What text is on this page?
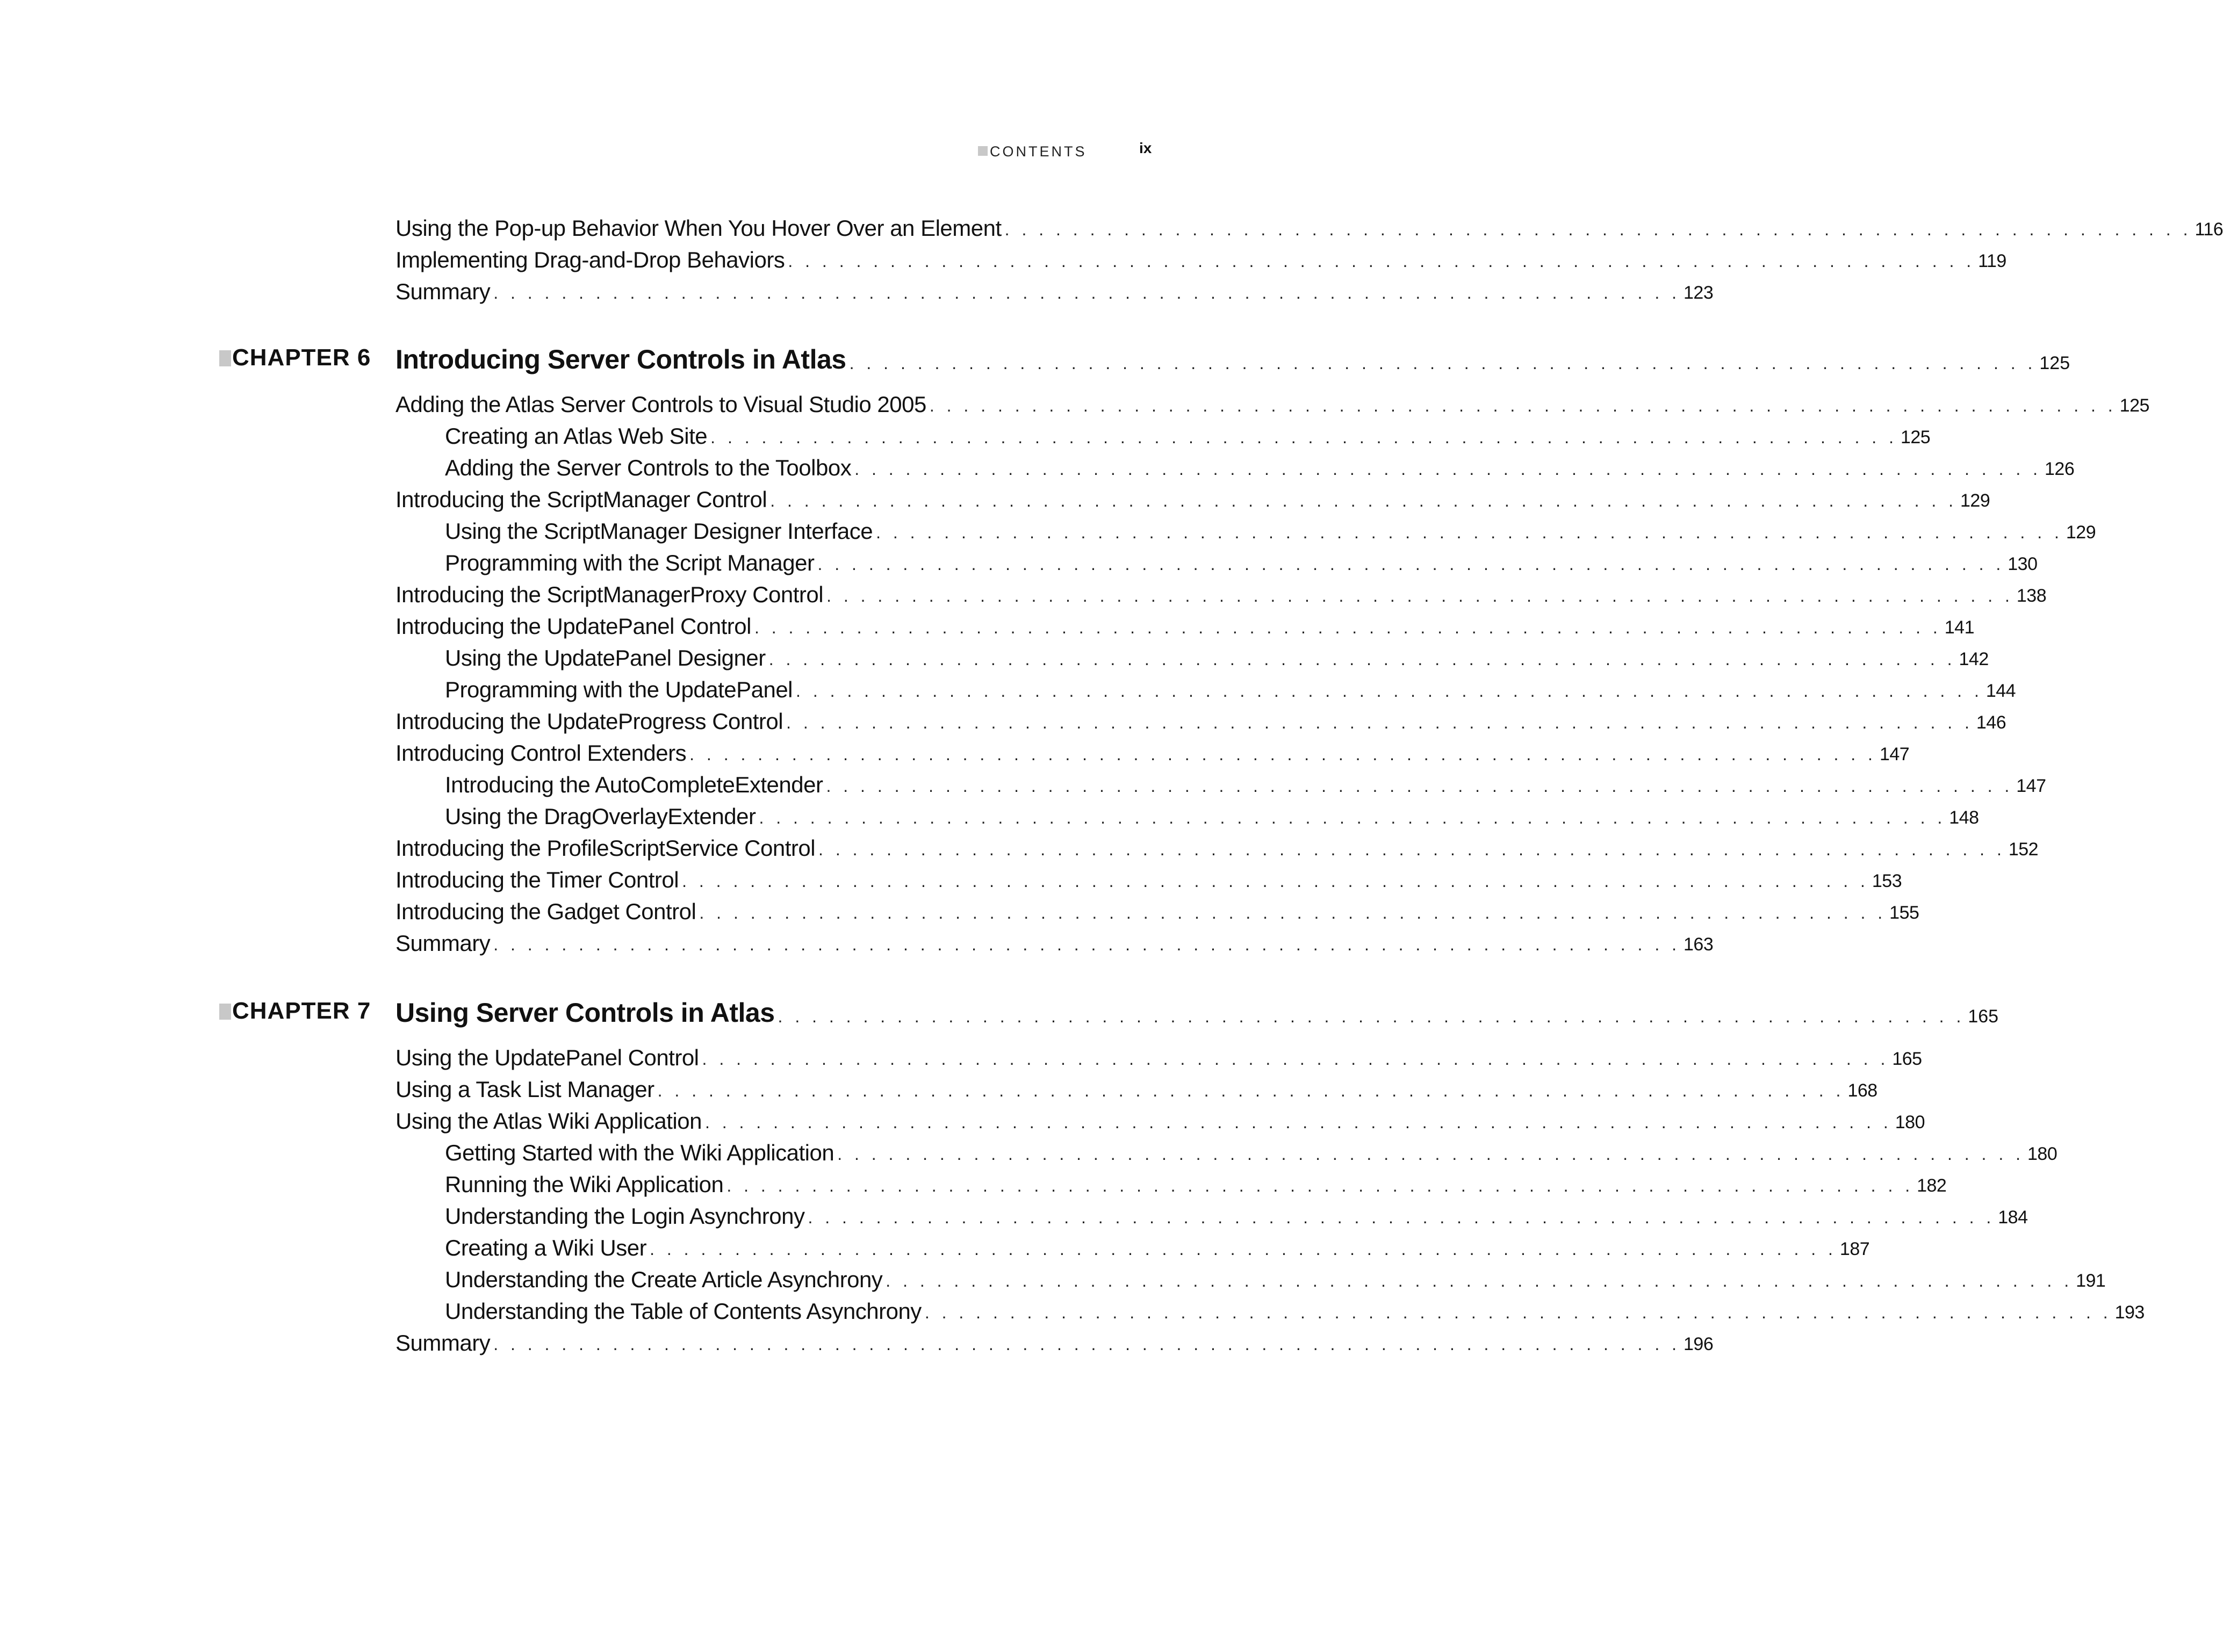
CONTENTS	ix
Using the Pop-up Behavior When You Hover Over an Element . . . . . . . . . . . . . . . . . . . . . . . . . . . . . . . . . . . . . . . . . . . . . . . . . . . . . . . . . . . . . . . . . . . . . . 116
Implementing Drag-and-Drop Behaviors . . . . . . . . . . . . . . . . . . . . . . . . . . . . . . . . . . . . . . . . . . . . . . . . . . . . . . . . . . . . . . . . . . . . . . 119
Summary . . . . . . . . . . . . . . . . . . . . . . . . . . . . . . . . . . . . . . . . . . . . . . . . . . . . . . . . . . . . . . . . . . . . . . 123
CHAPTER 6 Introducing Server Controls in Atlas . . . . . . . . . . . . . . . . . . . . . . . . . . . . . . . . . . . . . . . . . . . . . . . . . . . . . . . . . . . . . . . . . . . . . . 125
Adding the Atlas Server Controls to Visual Studio 2005 . . . . . . . . . . . . . . . . . . . . . . . . . . . . . . . . . . . . . . . . . . . . . . . . . . . . . . . . . . . . . . . . . . . . . . 125
Creating an Atlas Web Site . . . . . . . . . . . . . . . . . . . . . . . . . . . . . . . . . . . . . . . . . . . . . . . . . . . . . . . . . . . . . . . . . . . . . . 125
Adding the Server Controls to the Toolbox . . . . . . . . . . . . . . . . . . . . . . . . . . . . . . . . . . . . . . . . . . . . . . . . . . . . . . . . . . . . . . . . . . . . . . 126
Introducing the ScriptManager Control . . . . . . . . . . . . . . . . . . . . . . . . . . . . . . . . . . . . . . . . . . . . . . . . . . . . . . . . . . . . . . . . . . . . . . 129
Using the ScriptManager Designer Interface . . . . . . . . . . . . . . . . . . . . . . . . . . . . . . . . . . . . . . . . . . . . . . . . . . . . . . . . . . . . . . . . . . . . . . 129
Programming with the Script Manager . . . . . . . . . . . . . . . . . . . . . . . . . . . . . . . . . . . . . . . . . . . . . . . . . . . . . . . . . . . . . . . . . . . . . . 130
Introducing the ScriptManagerProxy Control . . . . . . . . . . . . . . . . . . . . . . . . . . . . . . . . . . . . . . . . . . . . . . . . . . . . . . . . . . . . . . . . . . . . . . 138
Introducing the UpdatePanel Control . . . . . . . . . . . . . . . . . . . . . . . . . . . . . . . . . . . . . . . . . . . . . . . . . . . . . . . . . . . . . . . . . . . . . . 141
Using the UpdatePanel Designer . . . . . . . . . . . . . . . . . . . . . . . . . . . . . . . . . . . . . . . . . . . . . . . . . . . . . . . . . . . . . . . . . . . . . . 142
Programming with the UpdatePanel . . . . . . . . . . . . . . . . . . . . . . . . . . . . . . . . . . . . . . . . . . . . . . . . . . . . . . . . . . . . . . . . . . . . . . 144
Introducing the UpdateProgress Control . . . . . . . . . . . . . . . . . . . . . . . . . . . . . . . . . . . . . . . . . . . . . . . . . . . . . . . . . . . . . . . . . . . . . . 146
Introducing Control Extenders . . . . . . . . . . . . . . . . . . . . . . . . . . . . . . . . . . . . . . . . . . . . . . . . . . . . . . . . . . . . . . . . . . . . . . 147
Introducing the AutoCompleteExtender . . . . . . . . . . . . . . . . . . . . . . . . . . . . . . . . . . . . . . . . . . . . . . . . . . . . . . . . . . . . . . . . . . . . . . 147
Using the DragOverlayExtender . . . . . . . . . . . . . . . . . . . . . . . . . . . . . . . . . . . . . . . . . . . . . . . . . . . . . . . . . . . . . . . . . . . . . . 148
Introducing the ProfileScriptService Control . . . . . . . . . . . . . . . . . . . . . . . . . . . . . . . . . . . . . . . . . . . . . . . . . . . . . . . . . . . . . . . . . . . . . . 152
Introducing the Timer Control . . . . . . . . . . . . . . . . . . . . . . . . . . . . . . . . . . . . . . . . . . . . . . . . . . . . . . . . . . . . . . . . . . . . . . 153
Introducing the Gadget Control . . . . . . . . . . . . . . . . . . . . . . . . . . . . . . . . . . . . . . . . . . . . . . . . . . . . . . . . . . . . . . . . . . . . . . 155
Summary . . . . . . . . . . . . . . . . . . . . . . . . . . . . . . . . . . . . . . . . . . . . . . . . . . . . . . . . . . . . . . . . . . . . . . 163
CHAPTER 7 Using Server Controls in Atlas . . . . . . . . . . . . . . . . . . . . . . . . . . . . . . . . . . . . . . . . . . . . . . . . . . . . . . . . . . . . . . . . . . . . . . 165
Using the UpdatePanel Control . . . . . . . . . . . . . . . . . . . . . . . . . . . . . . . . . . . . . . . . . . . . . . . . . . . . . . . . . . . . . . . . . . . . . . 165
Using a Task List Manager . . . . . . . . . . . . . . . . . . . . . . . . . . . . . . . . . . . . . . . . . . . . . . . . . . . . . . . . . . . . . . . . . . . . . . 168
Using the Atlas Wiki Application . . . . . . . . . . . . . . . . . . . . . . . . . . . . . . . . . . . . . . . . . . . . . . . . . . . . . . . . . . . . . . . . . . . . . . 180
Getting Started with the Wiki Application . . . . . . . . . . . . . . . . . . . . . . . . . . . . . . . . . . . . . . . . . . . . . . . . . . . . . . . . . . . . . . . . . . . . . . 180
Running the Wiki Application . . . . . . . . . . . . . . . . . . . . . . . . . . . . . . . . . . . . . . . . . . . . . . . . . . . . . . . . . . . . . . . . . . . . . . 182
Understanding the Login Asynchrony . . . . . . . . . . . . . . . . . . . . . . . . . . . . . . . . . . . . . . . . . . . . . . . . . . . . . . . . . . . . . . . . . . . . . . 184
Creating a Wiki User . . . . . . . . . . . . . . . . . . . . . . . . . . . . . . . . . . . . . . . . . . . . . . . . . . . . . . . . . . . . . . . . . . . . . . 187
Understanding the Create Article Asynchrony . . . . . . . . . . . . . . . . . . . . . . . . . . . . . . . . . . . . . . . . . . . . . . . . . . . . . . . . . . . . . . . . . . . . . . 191
Understanding the Table of Contents Asynchrony . . . . . . . . . . . . . . . . . . . . . . . . . . . . . . . . . . . . . . . . . . . . . . . . . . . . . . . . . . . . . . . . . . . . . . 193
Summary . . . . . . . . . . . . . . . . . . . . . . . . . . . . . . . . . . . . . . . . . . . . . . . . . . . . . . . . . . . . . . . . . . . . . . 196
